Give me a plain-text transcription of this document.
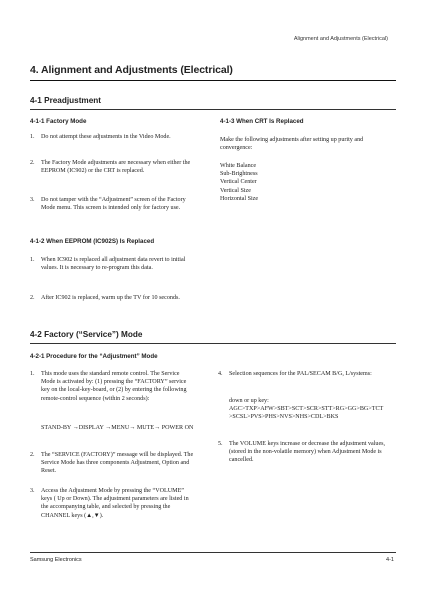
Alignment and Adjustments (Electrical)
4. Alignment and Adjustments (Electrical)
4-1 Preadjustment
4-1-1 Factory Mode
1. Do not attempt these adjustments in the Video Mode.
2. The Factory Mode adjustments are necessary when either the EEPROM (IC902) or the CRT is replaced.
3. Do not tamper with the “Adjustment” screen of the Factory Mode menu. This screen is intended only for factory use.
4-1-3 When CRT Is Replaced
Make the following adjustments after setting up purity and convergence:
White Balance
Sub-Brightness
Vertical Center
Vertical Size
Horizontal Size
4-1-2 When EEPROM (IC902S) Is Replaced
1. When IC902 is replaced all adjustment data revert to initial values. It is necessary to re-program this data.
2. After IC902 is replaced, warm up the TV for 10 seconds.
4-2 Factory (“Service”) Mode
4-2-1 Procedure for the “Adjustment” Mode
1. This mode uses the standard remote control. The Service Mode is activated by: (1) pressing the “FACTORY” service key on the local-key-board, or (2) by entering the following remote-control sequence (within 2 seconds):
STAND-BY →DISPLAY →MENU→ MUTE→ POWER ON
2. The “SERVICE (FACTORY)” message will be displayed. The Service Mode has three components Adjustment, Option and Reset.
3. Access the Adjustment Mode by pressing the “VOLUME” keys ( Up or Down). The adjustment parameters are listed in the accompanying table, and selected by pressing the CHANNEL keys (▲,▼).
4. Selection sequences for the PAL/SECAM B/G, L/systems:
down or up key:
AGC>TXP>AFW>SBT>SCT>SCR>STT>RG>GG>BG>TCT>SCSL>PVS>PHS>NVS>NHS>CDL>BKS
5. The VOLUME keys increase or decrease the adjustment values, (stored in the non-volatile memory) when Adjustment Mode is cancelled.
Samsung Electronics	4-1
